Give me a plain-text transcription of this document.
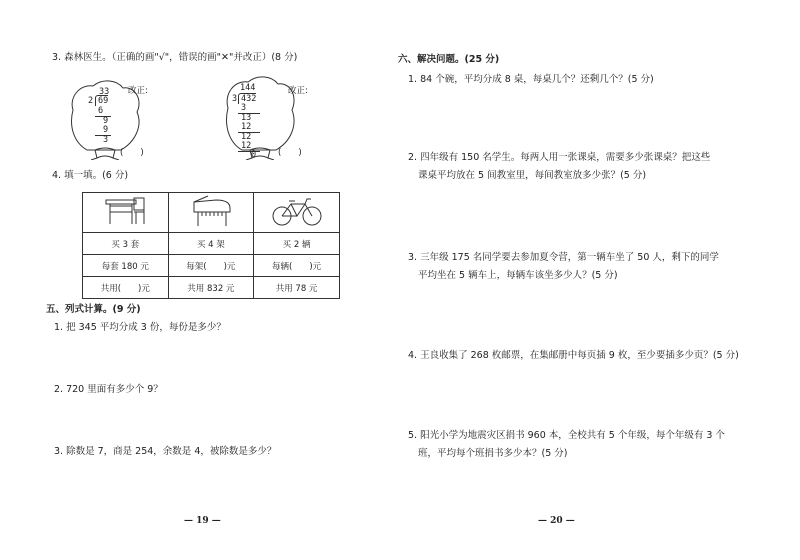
3. 森林医生。（正确的画"√"，错误的画"✕"并改正）(8 分)
33
2 69
6
9
9
3
改正:
(　　)
144
3 432
3
13
12
12
12
0
改正:
(　　)
4. 填一填。(6 分)

买 3 套	买 4 架	买 2 辆
每套 180 元	每架(　　)元	每辆(　　)元
共用(　　)元	共用 832 元	共用 78 元
五、列式计算。(9 分)
1. 把 345 平均分成 3 份，每份是多少？
2. 720 里面有多少个 9？
3. 除数是 7，商是 254，余数是 4，被除数是多少？
— 19 —
六、解决问题。(25 分)
1. 84 个碗，平均分成 8 桌，每桌几个？还剩几个？(5 分)
2. 四年级有 150 名学生。每两人用一张课桌，需要多少张课桌？把这些
课桌平均放在 5 间教室里，每间教室放多少张？(5 分)
3. 三年级 175 名同学要去参加夏令营，第一辆车坐了 50 人，剩下的同学
平均坐在 5 辆车上，每辆车该坐多少人？(5 分)
4. 王良收集了 268 枚邮票，在集邮册中每页插 9 枚，至少要插多少页？(5 分)
5. 阳光小学为地震灾区捐书 960 本，全校共有 5 个年级，每个年级有 3 个
班，平均每个班捐书多少本？(5 分)
— 20 —
